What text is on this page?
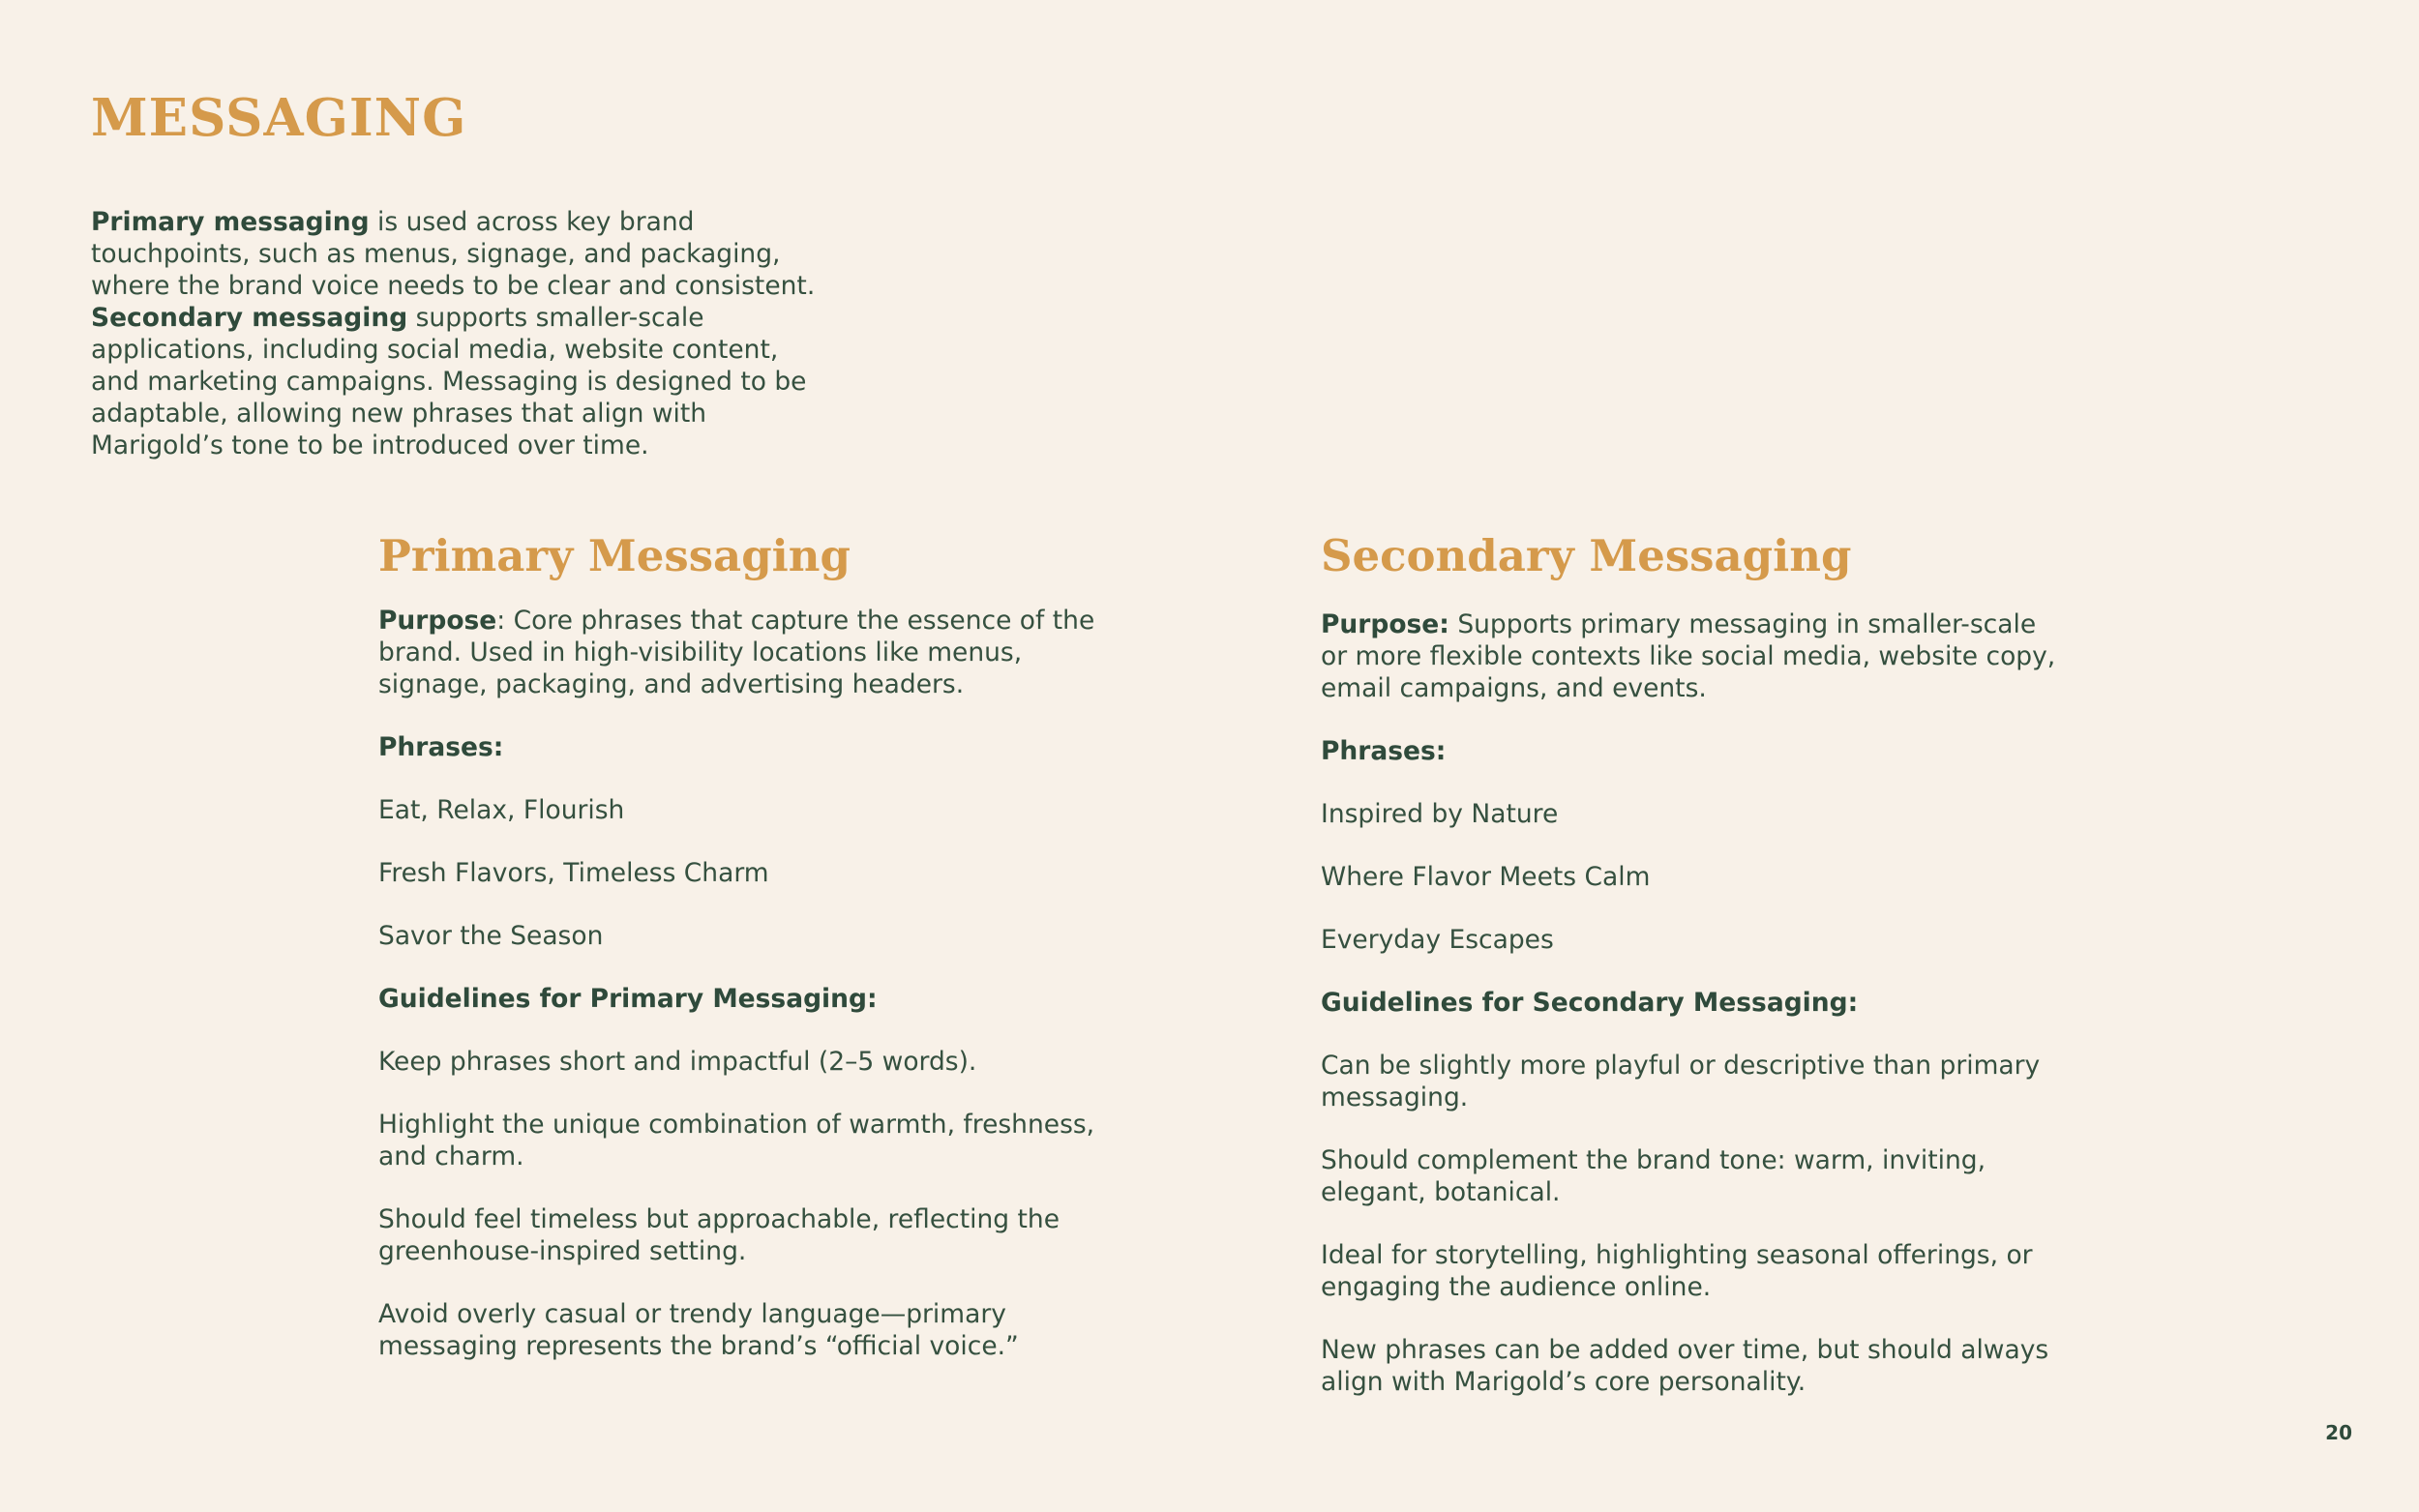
MESSAGING

Primary messaging is used across key brand touchpoints, such as menus, signage, and packaging, where the brand voice needs to be clear and consistent. Secondary messaging supports smaller-scale applications, including social media, website content, and marketing campaigns. Messaging is designed to be adaptable, allowing new phrases that align with Marigold’s tone to be introduced over time.

Primary Messaging

Purpose: Core phrases that capture the essence of the brand. Used in high-visibility locations like menus, signage, packaging, and advertising headers.

Phrases:

Eat, Relax, Flourish

Fresh Flavors, Timeless Charm

Savor the Season

Guidelines for Primary Messaging:

Keep phrases short and impactful (2–5 words).

Highlight the unique combination of warmth, freshness, and charm.

Should feel timeless but approachable, reflecting the greenhouse-inspired setting.

Avoid overly casual or trendy language—primary messaging represents the brand’s “official voice.”

Secondary Messaging

Purpose: Supports primary messaging in smaller-scale or more flexible contexts like social media, website copy, email campaigns, and events.

Phrases:

Inspired by Nature

Where Flavor Meets Calm

Everyday Escapes

Guidelines for Secondary Messaging:

Can be slightly more playful or descriptive than primary messaging.

Should complement the brand tone: warm, inviting, elegant, botanical.

Ideal for storytelling, highlighting seasonal offerings, or engaging the audience online.

New phrases can be added over time, but should always align with Marigold’s core personality.

20
